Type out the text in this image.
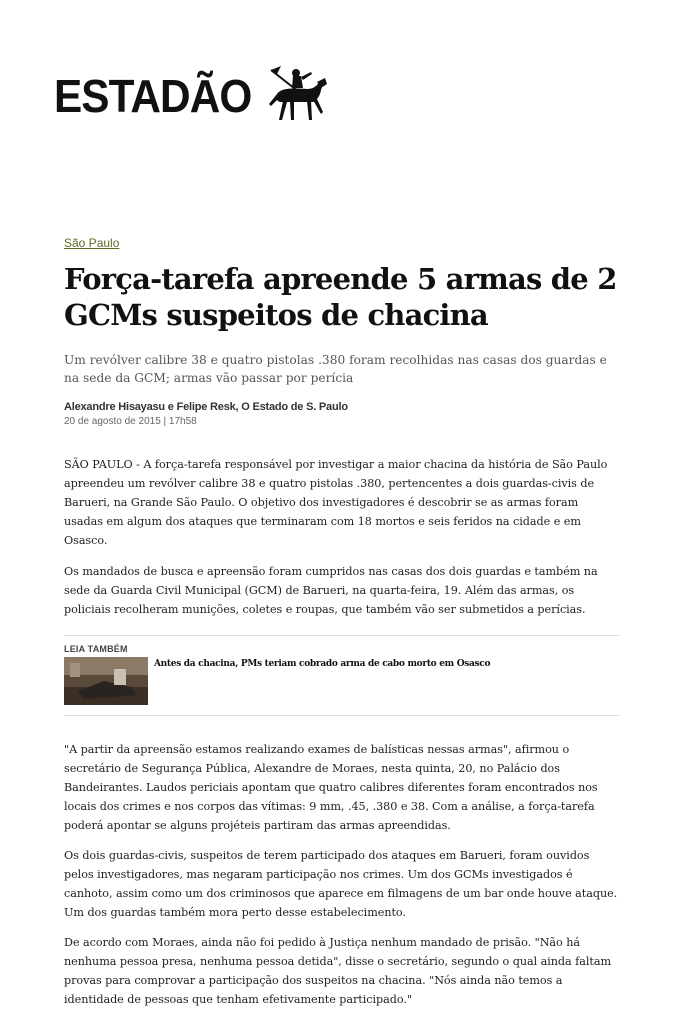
ESTADÃO
São Paulo
Força-tarefa apreende 5 armas de 2 GCMs suspeitos de chacina

Um revólver calibre 38 e quatro pistolas .380 foram recolhidas nas casas dos guardas e na sede da GCM; armas vão passar por perícia

Alexandre Hisayasu e Felipe Resk, O Estado de S. Paulo
20 de agosto de 2015 | 17h58

SÃO PAULO - A força-tarefa responsável por investigar a maior chacina da história de São Paulo apreendeu um revólver calibre 38 e quatro pistolas .380, pertencentes a dois guardas-civis de Barueri, na Grande São Paulo. O objetivo dos investigadores é descobrir se as armas foram usadas em algum dos ataques que terminaram com 18 mortos e seis feridos na cidade e em Osasco.

Os mandados de busca e apreensão foram cumpridos nas casas dos dois guardas e também na sede da Guarda Civil Municipal (GCM) de Barueri, na quarta-feira, 19. Além das armas, os policiais recolheram munições, coletes e roupas, que também vão ser submetidos a perícias.

LEIA TAMBÉM
Antes da chacina, PMs teriam cobrado arma de cabo morto em Osasco

"A partir da apreensão estamos realizando exames de balísticas nessas armas", afirmou o secretário de Segurança Pública, Alexandre de Moraes, nesta quinta, 20, no Palácio dos Bandeirantes. Laudos periciais apontam que quatro calibres diferentes foram encontrados nos locais dos crimes e nos corpos das vítimas: 9 mm, .45, .380 e 38. Com a análise, a força-tarefa poderá apontar se alguns projéteis partiram das armas apreendidas.

Os dois guardas-civis, suspeitos de terem participado dos ataques em Barueri, foram ouvidos pelos investigadores, mas negaram participação nos crimes. Um dos GCMs investigados é canhoto, assim como um dos criminosos que aparece em filmagens de um bar onde houve ataque. Um dos guardas também mora perto desse estabelecimento.

De acordo com Moraes, ainda não foi pedido à Justiça nenhum mandado de prisão. "Não há nenhuma pessoa presa, nenhuma pessoa detida", disse o secretário, segundo o qual ainda faltam provas para comprovar a participação dos suspeitos na chacina. "Nós ainda não temos a identidade de pessoas que tenham efetivamente participado."
